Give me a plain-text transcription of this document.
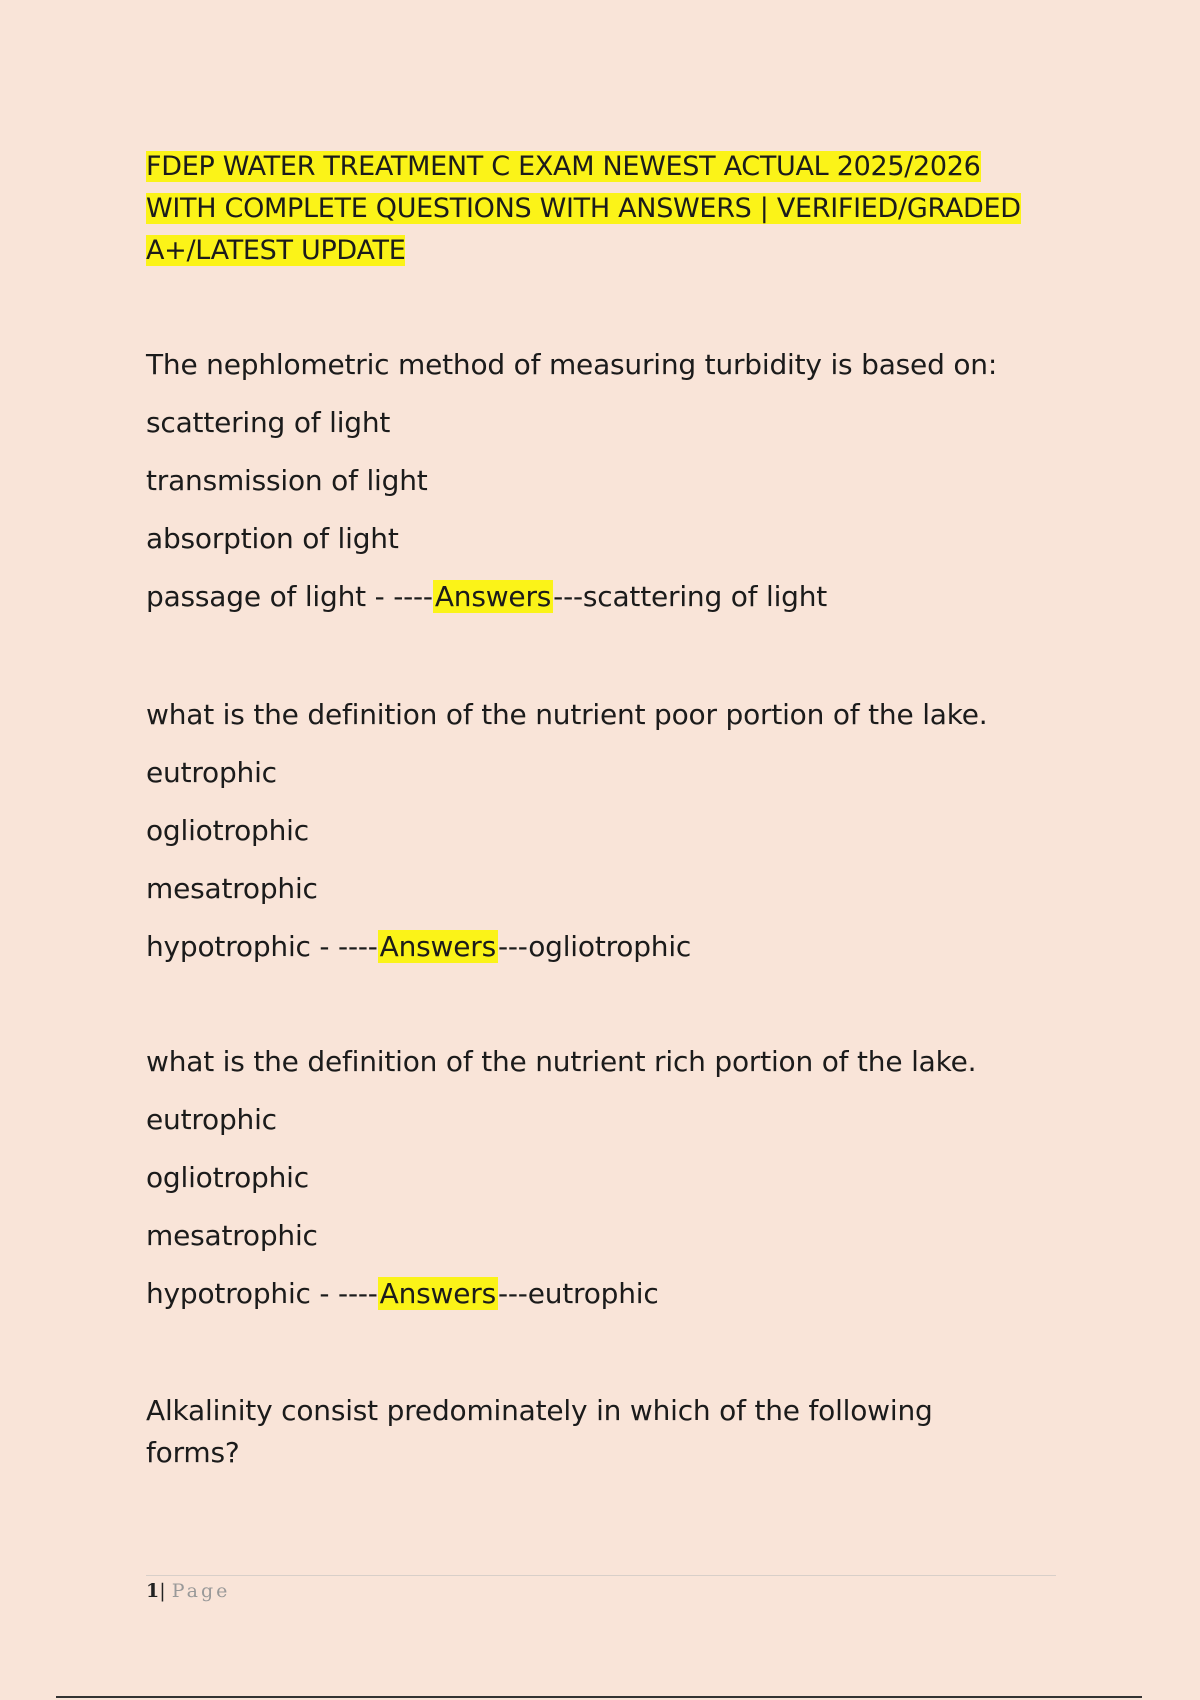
FDEP WATER TREATMENT C EXAM NEWEST ACTUAL 2025/2026 WITH COMPLETE QUESTIONS WITH ANSWERS | VERIFIED/GRADED A+/LATEST UPDATE
The nephlometric method of measuring turbidity is based on:
scattering of light
transmission of light
absorption of light
passage of light - ----Answers---scattering of light
what is the definition of the nutrient poor portion of the lake.
eutrophic
ogliotrophic
mesatrophic
hypotrophic - ----Answers---ogliotrophic
what is the definition of the nutrient rich portion of the lake.
eutrophic
ogliotrophic
mesatrophic
hypotrophic - ----Answers---eutrophic
Alkalinity consist predominately in which of the following forms?
1| Page
